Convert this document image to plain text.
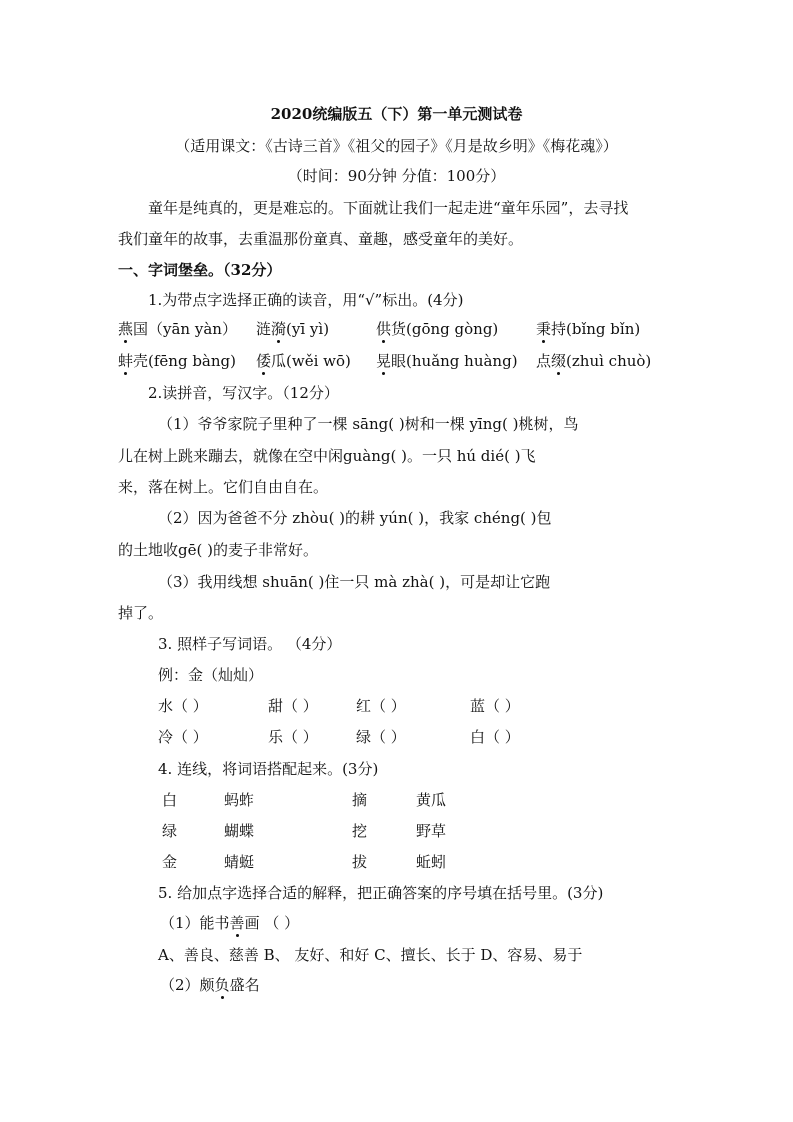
2020统编版五（下）第一单元测试卷
（适用课文：《古诗三首》《祖父的园子》《月是故乡明》《梅花魂》）
（时间：90分钟 分值：100分）
童年是纯真的，更是难忘的。下面就让我们一起走进“童年乐园”，去寻找
我们童年的故事，去重温那份童真、童趣，感受童年的美好。
一、字词堡垒。（32分）
1.为带点字选择正确的读音，用“√”标出。(4分)
燕国（yān yàn） 涟漪(yī yì)	供货(gōng gòng)	秉持(bǐng bǐn)
蚌壳(fēng bàng) 倭瓜(wěi wō) 晃眼(huǎng huàng) 点缀(zhuì chuò)
2.读拼音，写汉字。（12分）
（1）爷爷家院子里种了一棵 sāng( )树和一棵 yīng( )桃树，鸟
儿在树上跳来蹦去，就像在空中闲guàng( )。一只 hú dié( )飞
来，落在树上。它们自由自在。
（2）因为爸爸不分 zhòu( )的耕 yún( )，我家 chéng( )包
的土地收gē( )的麦子非常好。
（3）我用线想 shuān( )住一只 mà zhà( )，可是却让它跑
掉了。
3. 照样子写词语。 （4分）
例：金（灿灿）
水（ ）	甜（ ）	红（ ）	蓝（ ）
冷（ ）	乐（ ）	绿（ ）	白（ ）
4. 连线，将词语搭配起来。(3分)
白	蚂蚱	摘	黄瓜
绿	蝴蝶	挖	野草
金	蜻蜓	拔	蚯蚓
5. 给加点字选择合适的解释，把正确答案的序号填在括号里。(3分)
（1）能书善画 （ ）
A、善良、慈善 B、 友好、和好 C、擅长、长于 D、容易、易于
（2）颇负盛名
